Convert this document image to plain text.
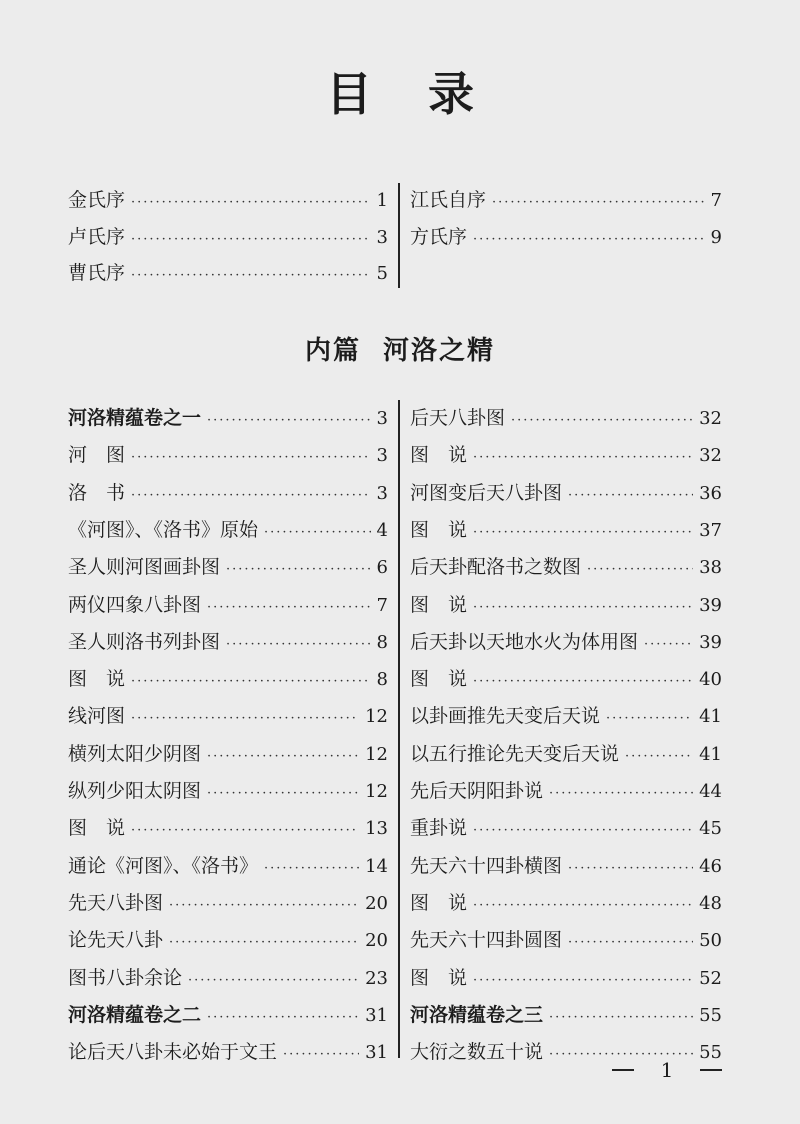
目录
内篇 河洛之精
金氏序 ·····	1
卢氏序 ·····	3
曹氏序 ·····	5
江氏自序 ·····	7
方氏序 ·····	9
河洛精蕴卷之一 ·····	3
河　图 ·····	3
洛　书 ·····	3
《河图》、《洛书》原始 ·····	4
圣人则河图画卦图 ·····	6
两仪四象八卦图 ·····	7
圣人则洛书列卦图 ·····	8
图　说 ·····	8
线河图 ·····	12
横列太阳少阴图 ·····	12
纵列少阳太阴图 ·····	12
图　说 ·····	13
通论《河图》、《洛书》 ·····	14
先天八卦图 ·····	20
论先天八卦 ·····	20
图书八卦余论 ·····	23
河洛精蕴卷之二 ·····	31
论后天八卦未必始于文王 ·····	31
后天八卦图 ·····	32
图　说 ·····	32
河图变后天八卦图 ·····	36
图　说 ·····	37
后天卦配洛书之数图 ·····	38
图　说 ·····	39
后天卦以天地水火为体用图 ·····	39
图　说 ·····	40
以卦画推先天变后天说 ·····	41
以五行推论先天变后天说 ·····	41
先后天阴阳卦说 ·····	44
重卦说 ·····	45
先天六十四卦横图 ·····	46
图　说 ·····	48
先天六十四卦圆图 ·····	50
图　说 ·····	52
河洛精蕴卷之三 ·····	55
大衍之数五十说 ·····	55
1
